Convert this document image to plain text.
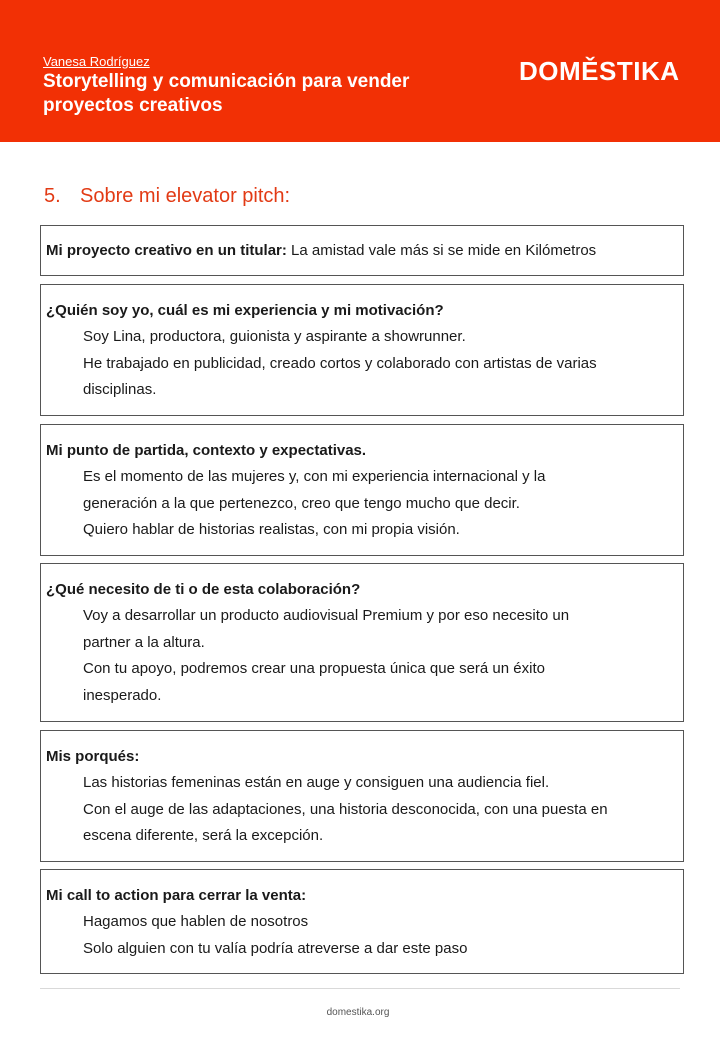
Vanesa Rodríguez
Storytelling y comunicación para vender proyectos creativos
DOMĚSTIKA
5. Sobre mi elevator pitch:
Mi proyecto creativo en un titular: La amistad vale más si se mide en Kilómetros
¿Quién soy yo, cuál es mi experiencia y mi motivación?
Soy Lina, productora, guionista y aspirante a showrunner.
He trabajado en publicidad, creado cortos y colaborado con artistas de varias
disciplinas.
Mi punto de partida, contexto y expectativas.
Es el momento de las mujeres y, con mi experiencia internacional y la
generación a la que pertenezco, creo que tengo mucho que decir.
Quiero hablar de historias realistas, con mi propia visión.
¿Qué necesito de ti o de esta colaboración?
Voy a desarrollar un producto audiovisual Premium y por eso necesito un
partner a la altura.
Con tu apoyo, podremos crear una propuesta única que será un éxito
inesperado.
Mis porqués:
Las historias femeninas están en auge y consiguen una audiencia fiel.
Con el auge de las adaptaciones, una historia desconocida, con una puesta en
escena diferente, será la excepción.
Mi call to action para cerrar la venta:
Hagamos que hablen de nosotros
Solo alguien con tu valía podría atreverse a dar este paso
domestika.org
